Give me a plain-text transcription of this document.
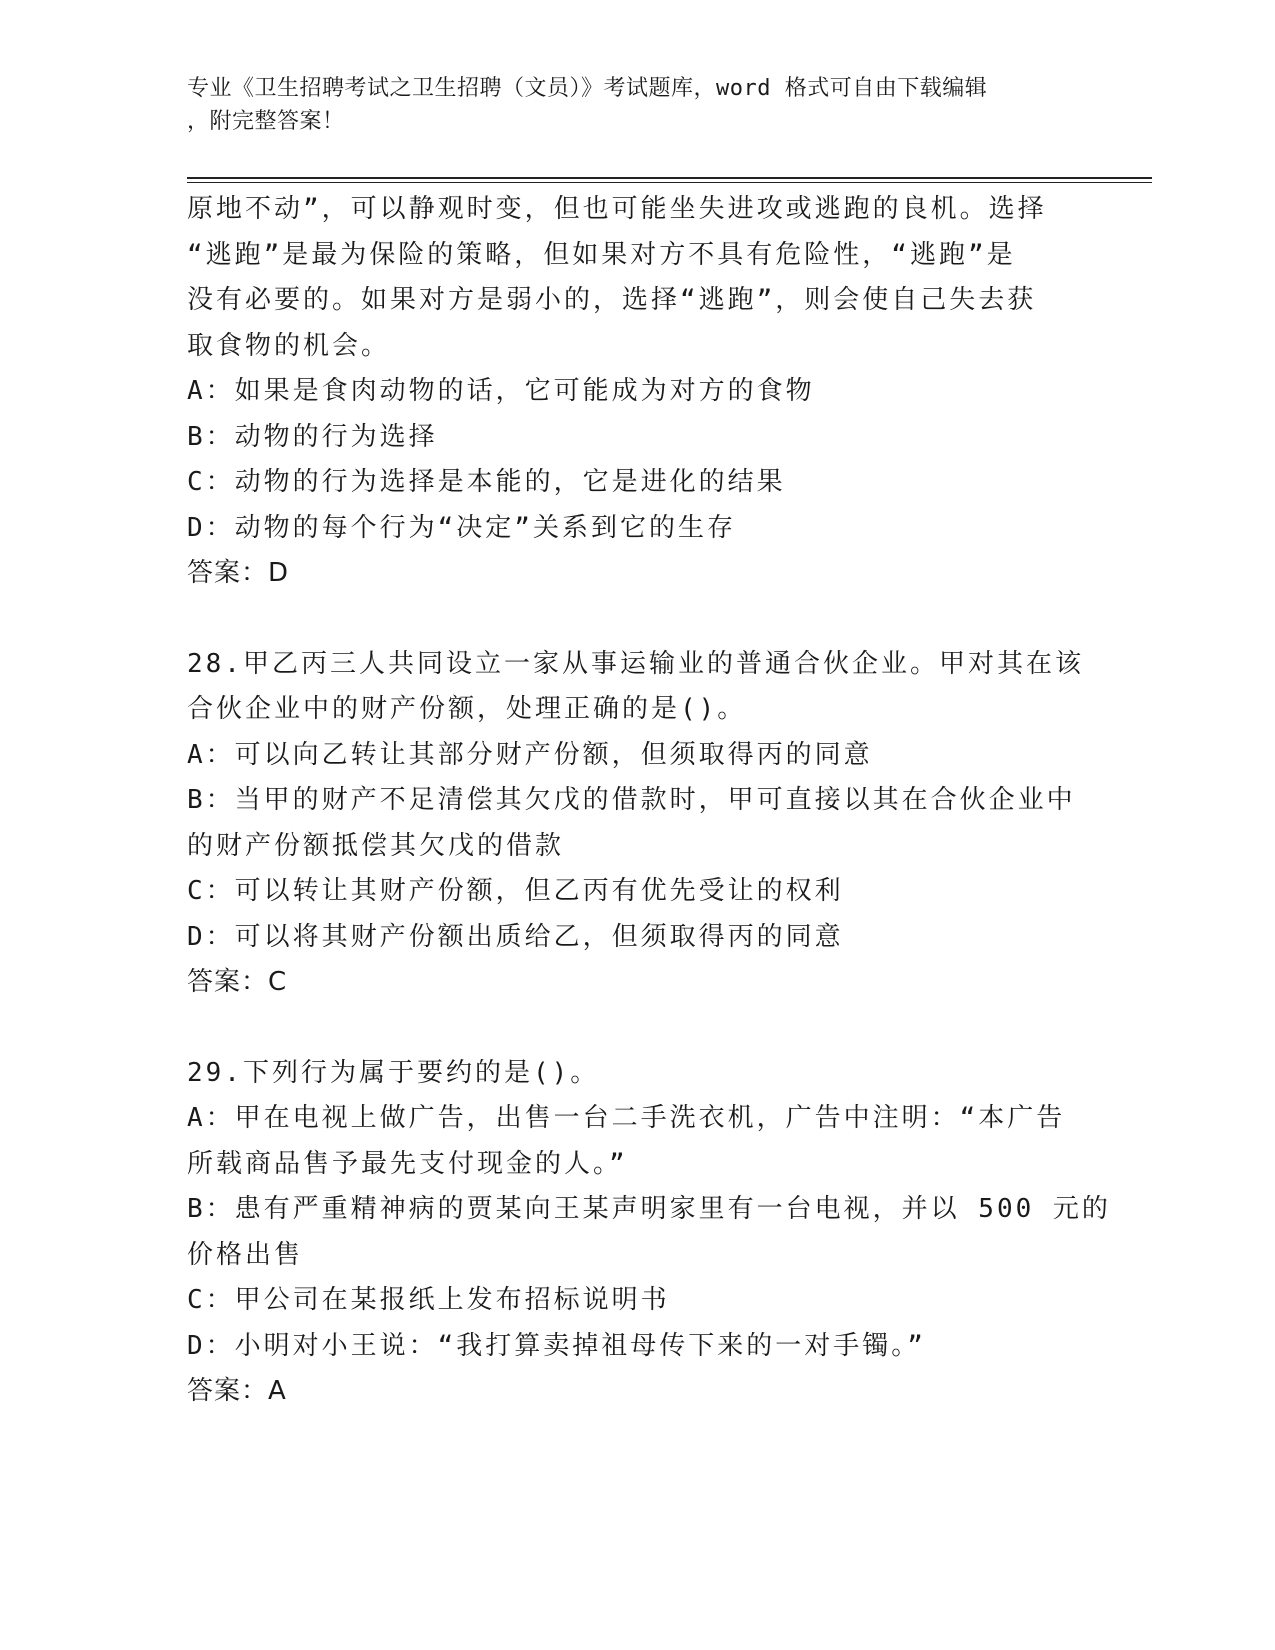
专业《卫生招聘考试之卫生招聘（文员）》考试题库，word 格式可自由下载编辑
，附完整答案！
原地不动”，可以静观时变，但也可能坐失进攻或逃跑的良机。选择
“逃跑”是最为保险的策略，但如果对方不具有危险性，“逃跑”是
没有必要的。如果对方是弱小的，选择“逃跑”，则会使自己失去获
取食物的机会。
A：如果是食肉动物的话，它可能成为对方的食物
B：动物的行为选择
C：动物的行为选择是本能的，它是进化的结果
D：动物的每个行为“决定”关系到它的生存
答案：D
28.甲乙丙三人共同设立一家从事运输业的普通合伙企业。甲对其在该
合伙企业中的财产份额，处理正确的是()。
A：可以向乙转让其部分财产份额，但须取得丙的同意
B：当甲的财产不足清偿其欠戊的借款时，甲可直接以其在合伙企业中
的财产份额抵偿其欠戊的借款
C：可以转让其财产份额，但乙丙有优先受让的权利
D：可以将其财产份额出质给乙，但须取得丙的同意
答案：C
29.下列行为属于要约的是()。
A：甲在电视上做广告，出售一台二手洗衣机，广告中注明：“本广告
所载商品售予最先支付现金的人。”
B：患有严重精神病的贾某向王某声明家里有一台电视，并以 500 元的
价格出售
C：甲公司在某报纸上发布招标说明书
D：小明对小王说：“我打算卖掉祖母传下来的一对手镯。”
答案：A
